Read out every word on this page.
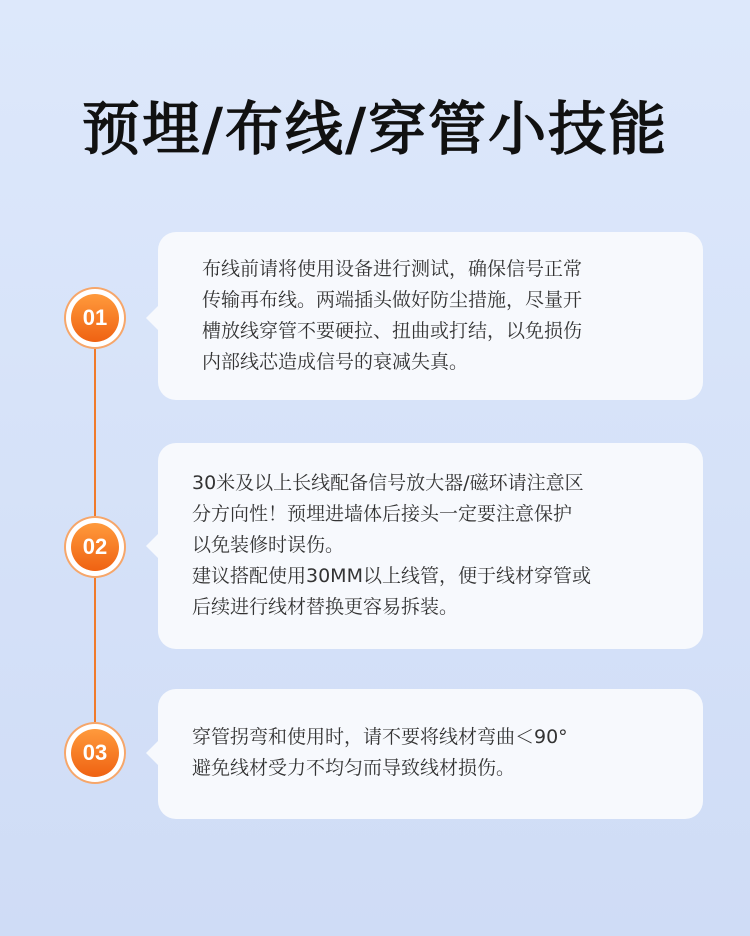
预埋/布线/穿管小技能
01
布线前请将使用设备进行测试，确保信号正常
传输再布线。两端插头做好防尘措施，尽量开
槽放线穿管不要硬拉、扭曲或打结，以免损伤
内部线芯造成信号的衰减失真。
02
30米及以上长线配备信号放大器/磁环请注意区
分方向性！预埋进墙体后接头一定要注意保护
以免装修时误伤。
建议搭配使用30MM以上线管，便于线材穿管或
后续进行线材替换更容易拆装。
03
穿管拐弯和使用时，请不要将线材弯曲＜90°
避免线材受力不均匀而导致线材损伤。
